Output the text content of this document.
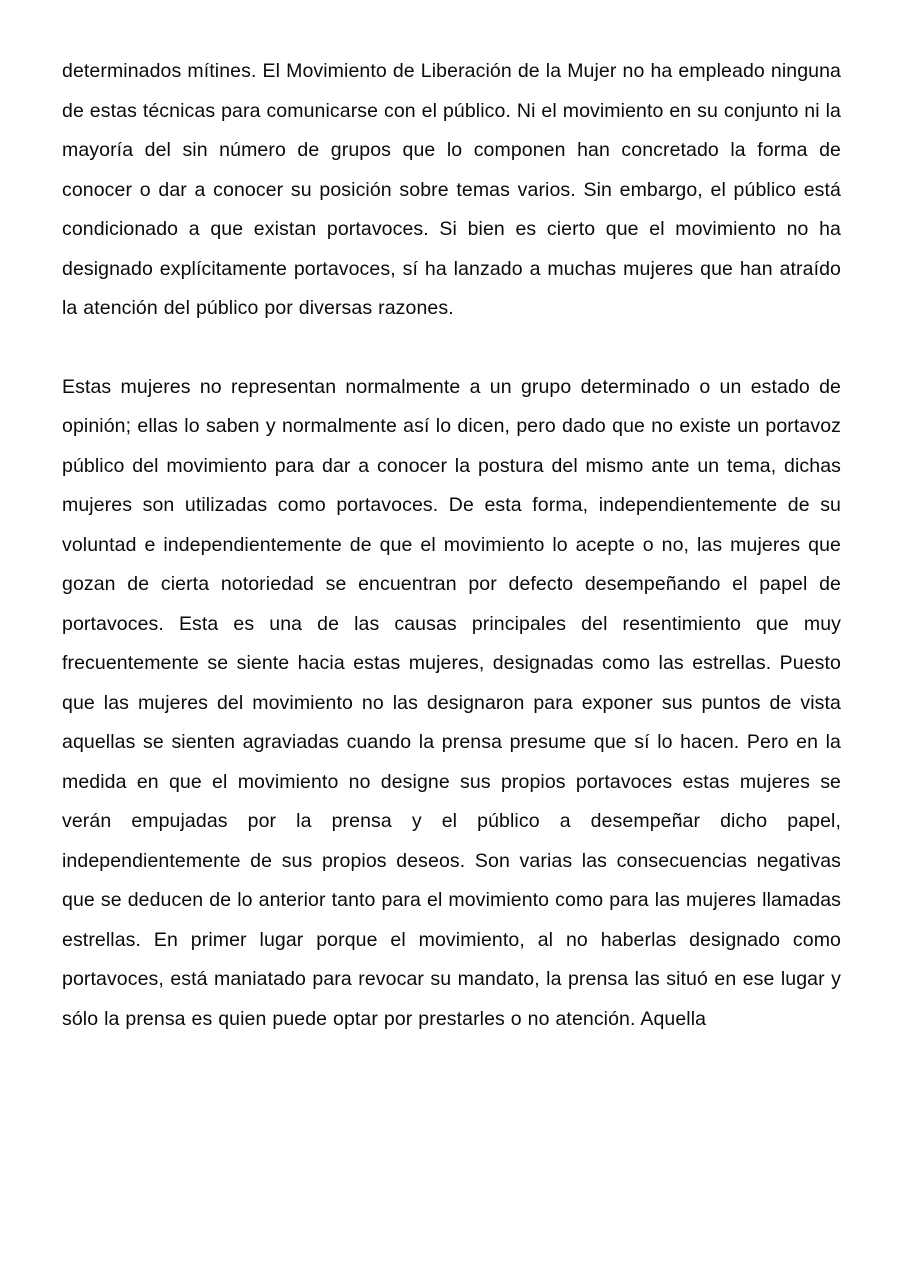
determinados mítines. El Movimiento de Liberación de la Mujer no ha empleado ninguna de estas técnicas para comunicarse con el público. Ni el movimiento en su conjunto ni la mayoría del sin número de grupos que lo componen han concretado la forma de conocer o dar a conocer su posición sobre temas varios. Sin embargo, el público está condicionado a que existan portavoces. Si bien es cierto que el movimiento no ha designado explícitamente portavoces, sí ha lanzado a muchas mujeres que han atraído la atención del público por diversas razones.

Estas mujeres no representan normalmente a un grupo determinado o un estado de opinión; ellas lo saben y normalmente así lo dicen, pero dado que no existe un portavoz público del movimiento para dar a conocer la postura del mismo ante un tema, dichas mujeres son utilizadas como portavoces. De esta forma, independientemente de su voluntad e independientemente de que el movimiento lo acepte o no, las mujeres que gozan de cierta notoriedad se encuentran por defecto desempeñando el papel de portavoces. Esta es una de las causas principales del resentimiento que muy frecuentemente se siente hacia estas mujeres, designadas como las estrellas. Puesto que las mujeres del movimiento no las designaron para exponer sus puntos de vista aquellas se sienten agraviadas cuando la prensa presume que sí lo hacen. Pero en la medida en que el movimiento no designe sus propios portavoces estas mujeres se verán empujadas por la prensa y el público a desempeñar dicho papel, independientemente de sus propios deseos. Son varias las consecuencias negativas que se deducen de lo anterior tanto para el movimiento como para las mujeres llamadas estrellas. En primer lugar porque el movimiento, al no haberlas designado como portavoces, está maniatado para revocar su mandato, la prensa las situó en ese lugar y sólo la prensa es quien puede optar por prestarles o no atención. Aquella
